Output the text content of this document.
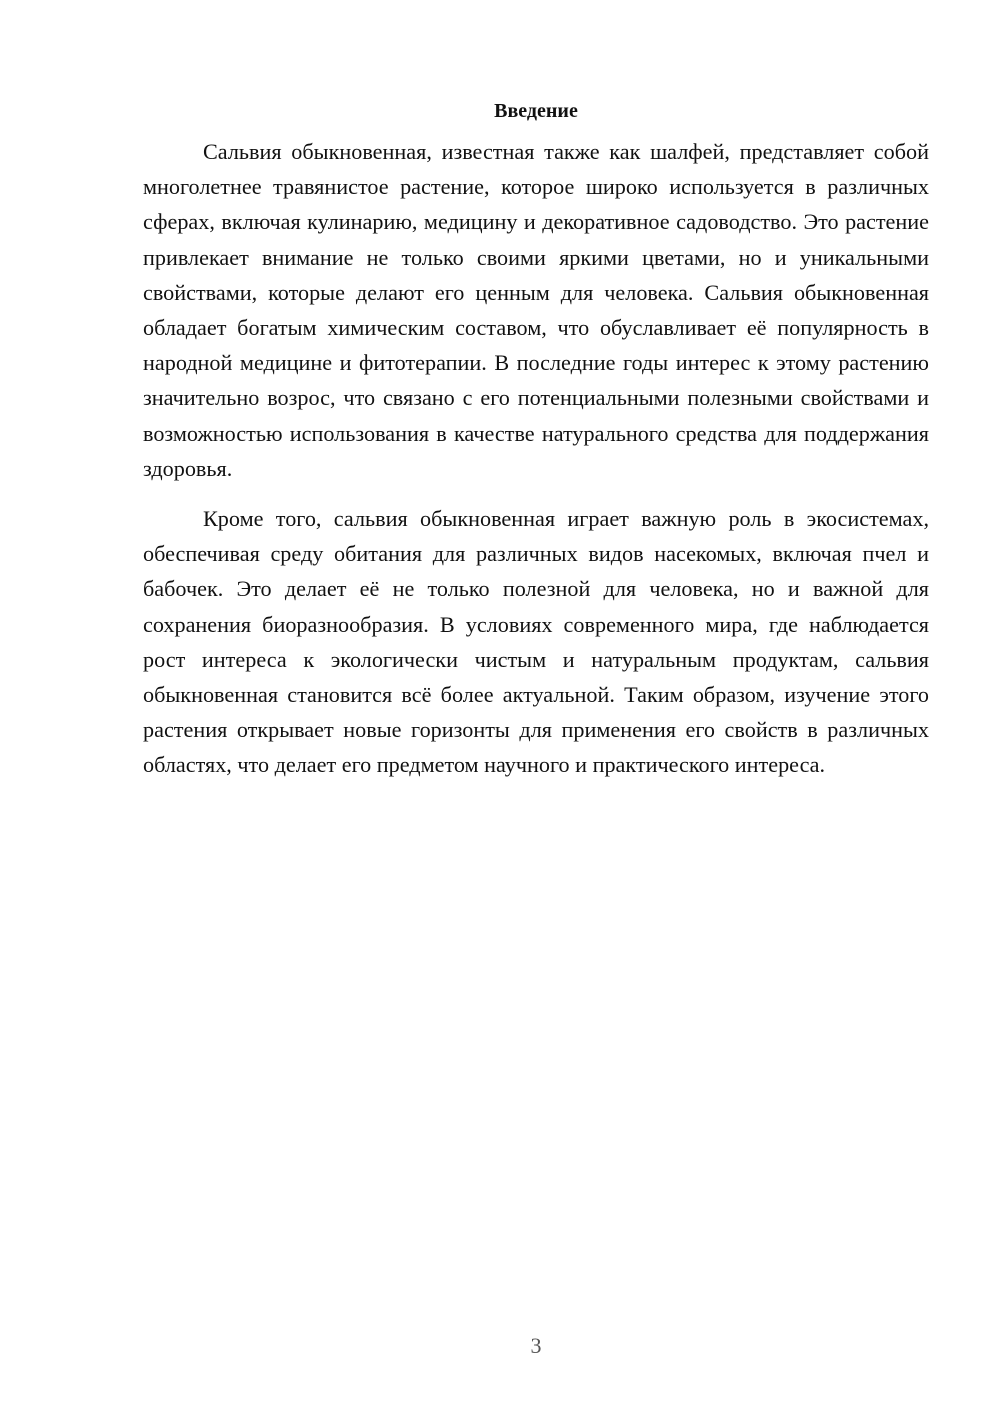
Введение

Сальвия обыкновенная, известная также как шалфей, представляет собой многолетнее травянистое растение, которое широко используется в различных сферах, включая кулинарию, медицину и декоративное садоводство. Это растение привлекает внимание не только своими яркими цветами, но и уникальными свойствами, которые делают его ценным для человека. Сальвия обыкновенная обладает богатым химическим составом, что обуславливает её популярность в народной медицине и фитотерапии. В последние годы интерес к этому растению значительно возрос, что связано с его потенциальными полезными свойствами и возможностью использования в качестве натурального средства для поддержания здоровья.

Кроме того, сальвия обыкновенная играет важную роль в экосистемах, обеспечивая среду обитания для различных видов насекомых, включая пчел и бабочек. Это делает её не только полезной для человека, но и важной для сохранения биоразнообразия. В условиях современного мира, где наблюдается рост интереса к экологически чистым и натуральным продуктам, сальвия обыкновенная становится всё более актуальной. Таким образом, изучение этого растения открывает новые горизонты для применения его свойств в различных областях, что делает его предметом научного и практического интереса.

3
